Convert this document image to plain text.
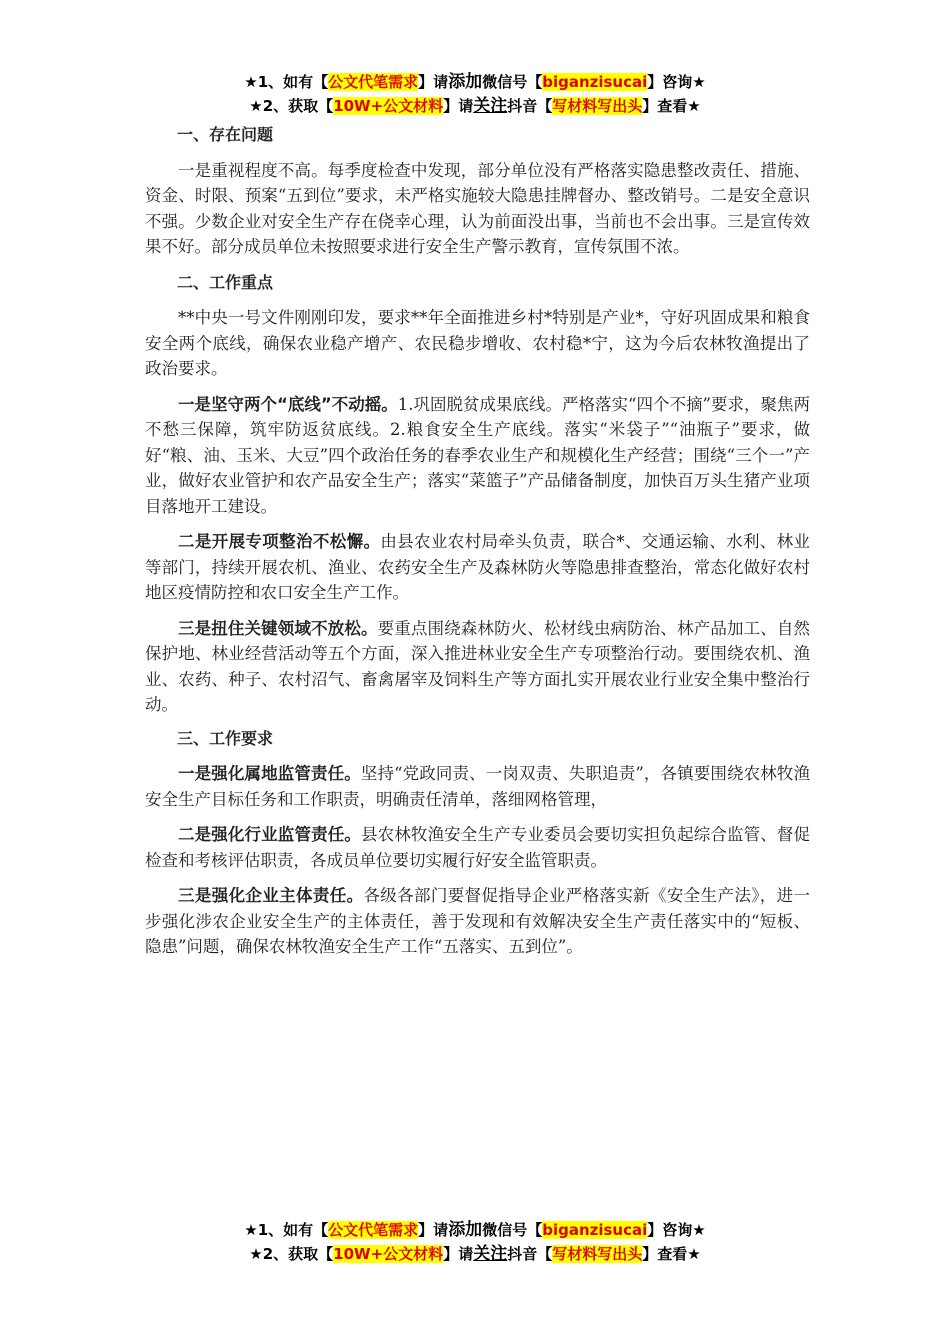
★1、如有【公文代笔需求】请添加微信号【biganzisucai】咨询★
★2、获取【10W+公文材料】请关注抖音【写材料写出头】查看★

一、存在问题

一是重视程度不高。每季度检查中发现，部分单位没有严格落实隐患整改责任、措施、资金、时限、预案“五到位”要求，未严格实施较大隐患挂牌督办、整改销号。二是安全意识不强。少数企业对安全生产存在侥幸心理，认为前面没出事，当前也不会出事。三是宣传效果不好。部分成员单位未按照要求进行安全生产警示教育，宣传氛围不浓。

二、工作重点

**中央一号文件刚刚印发，要求**年全面推进乡村*特别是产业*，守好巩固成果和粮食安全两个底线，确保农业稳产增产、农民稳步增收、农村稳*宁，这为今后农林牧渔提出了政治要求。

一是坚守两个“底线”不动摇。1.巩固脱贫成果底线。严格落实“四个不摘”要求，聚焦两不愁三保障，筑牢防返贫底线。2.粮食安全生产底线。落实“米袋子”“油瓶子”要求，做好“粮、油、玉米、大豆”四个政治任务的春季农业生产和规模化生产经营；围绕“三个一”产业，做好农业管护和农产品安全生产；落实“菜篮子”产品储备制度，加快百万头生猪产业项目落地开工建设。

二是开展专项整治不松懈。由县农业农村局牵头负责，联合*、交通运输、水利、林业等部门，持续开展农机、渔业、农药安全生产及森林防火等隐患排查整治，常态化做好农村地区疫情防控和农口安全生产工作。

三是扭住关键领域不放松。要重点围绕森林防火、松材线虫病防治、林产品加工、自然保护地、林业经营活动等五个方面，深入推进林业安全生产专项整治行动。要围绕农机、渔业、农药、种子、农村沼气、畜禽屠宰及饲料生产等方面扎实开展农业行业安全集中整治行动。

三、工作要求

一是强化属地监管责任。坚持“党政同责、一岗双责、失职追责”，各镇要围绕农林牧渔安全生产目标任务和工作职责，明确责任清单，落细网格管理，

二是强化行业监管责任。县农林牧渔安全生产专业委员会要切实担负起综合监管、督促检查和考核评估职责，各成员单位要切实履行好安全监管职责。

三是强化企业主体责任。各级各部门要督促指导企业严格落实新《安全生产法》，进一步强化涉农企业安全生产的主体责任，善于发现和有效解决安全生产责任落实中的“短板、隐患”问题，确保农林牧渔安全生产工作“五落实、五到位”。

★1、如有【公文代笔需求】请添加微信号【biganzisucai】咨询★
★2、获取【10W+公文材料】请关注抖音【写材料写出头】查看★
